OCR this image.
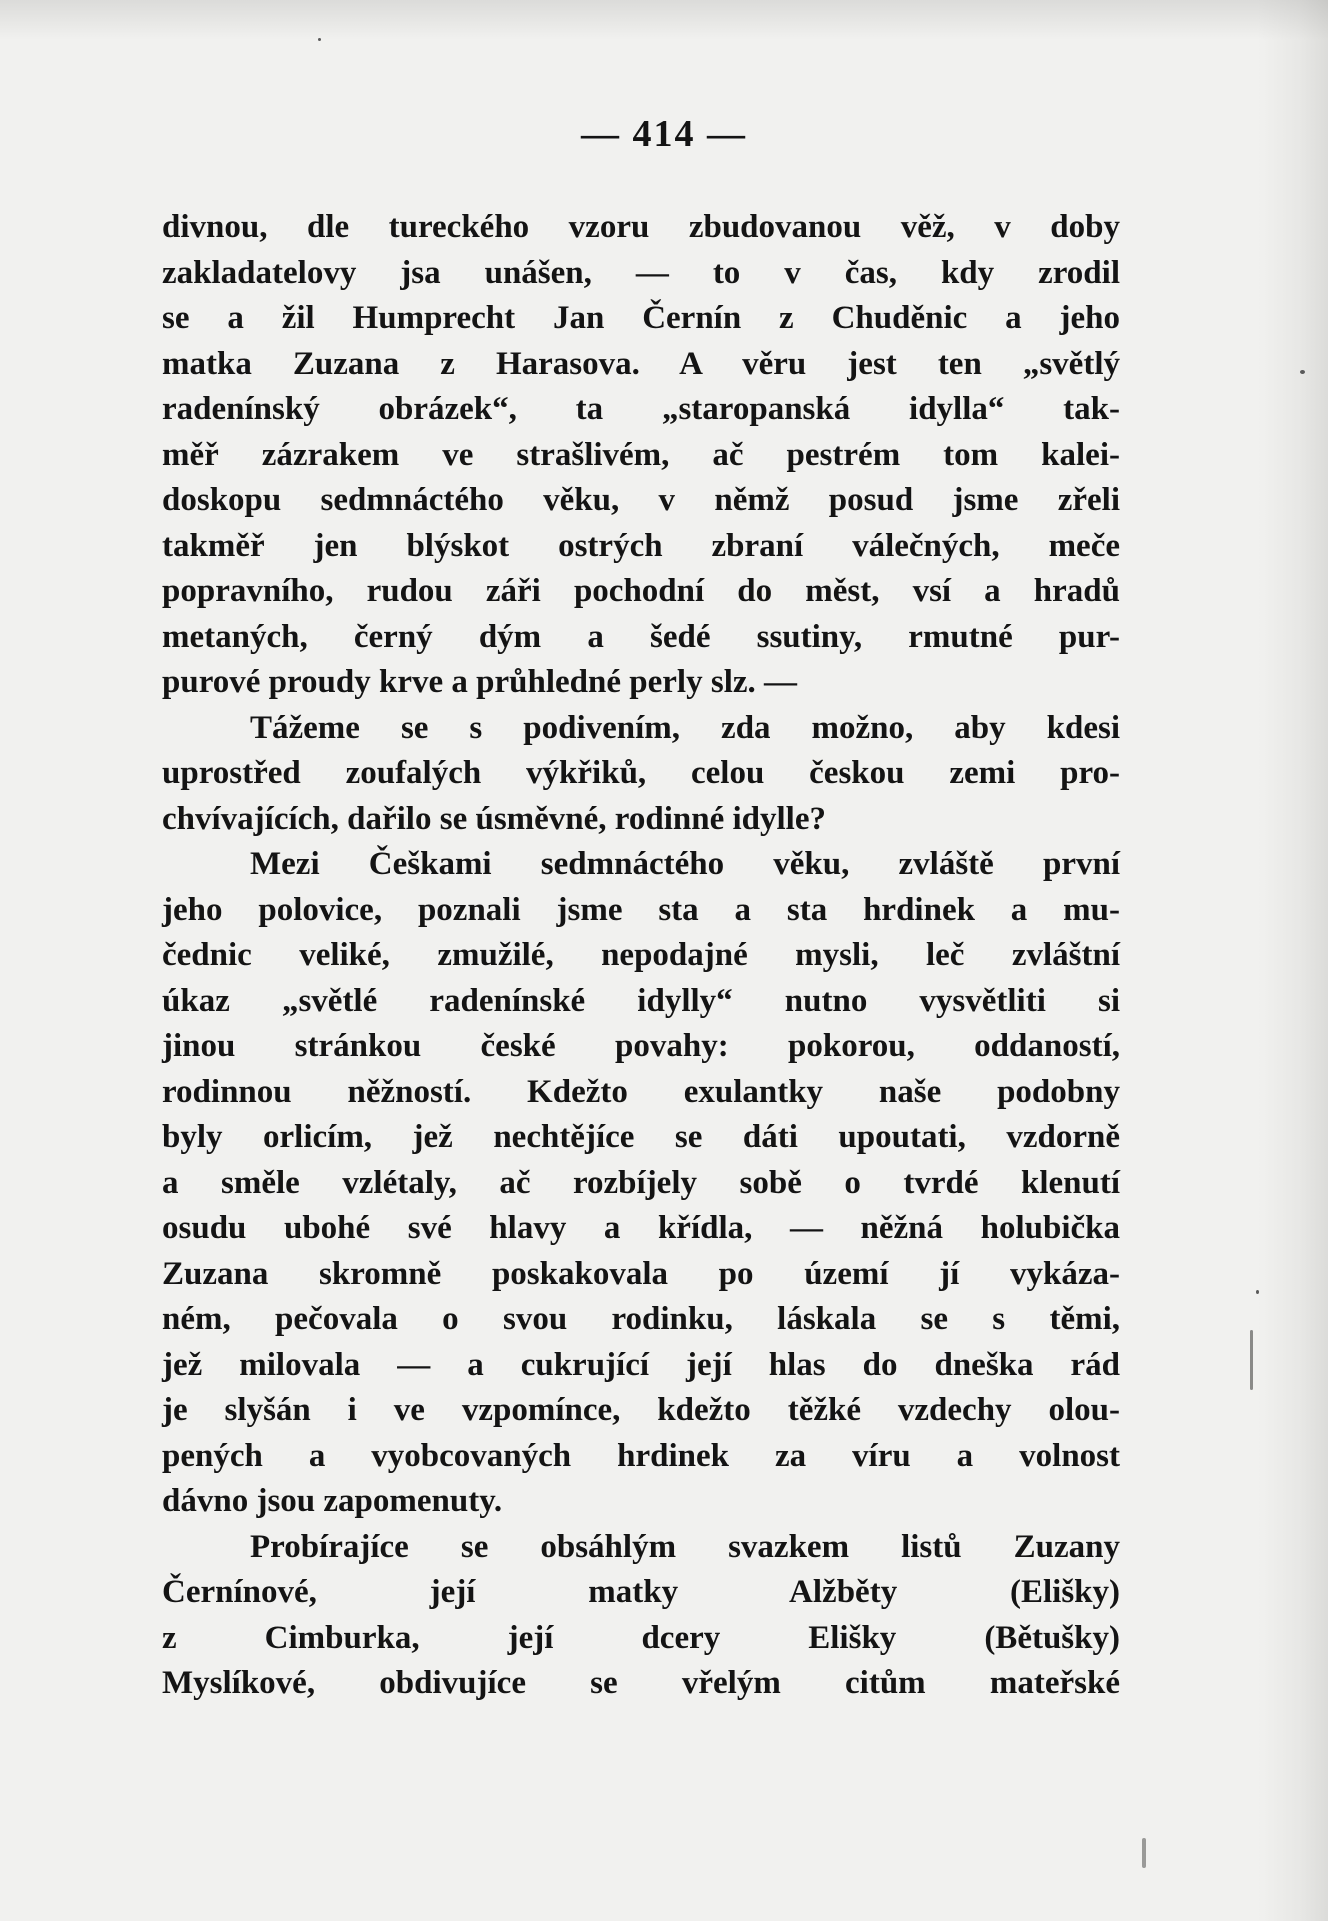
— 414 —
divnou, dle tureckého vzoru zbudovanou věž, v doby
zakladatelovy jsa unášen, — to v čas, kdy zrodil
se a žil Humprecht Jan Černín z Chuděnic a jeho
matka Zuzana z Harasova. A věru jest ten „světlý
radenínský obrázek“, ta „staropanská idylla“ tak-
měř zázrakem ve strašlivém, ač pestrém tom kalei-
doskopu sedmnáctého věku, v němž posud jsme zřeli
takměř jen blýskot ostrých zbraní válečných, meče
popravního, rudou záři pochodní do měst, vsí a hradů
metaných, černý dým a šedé ssutiny, rmutné pur-
purové proudy krve a průhledné perly slz. —
Tážeme se s podivením, zda možno, aby kdesi
uprostřed zoufalých výkřiků, celou českou zemi pro-
chvívajících, dařilo se úsměvné, rodinné idylle?
Mezi Češkami sedmnáctého věku, zvláště první
jeho polovice, poznali jsme sta a sta hrdinek a mu-
čednic veliké, zmužilé, nepodajné mysli, leč zvláštní
úkaz „světlé radenínské idylly“ nutno vysvětliti si
jinou stránkou české povahy: pokorou, oddaností,
rodinnou něžností. Kdežto exulantky naše podobny
byly orlicím, jež nechtějíce se dáti upoutati, vzdorně
a směle vzlétaly, ač rozbíjely sobě o tvrdé klenutí
osudu ubohé své hlavy a křídla, — něžná holubička
Zuzana skromně poskakovala po území jí vykáza-
ném, pečovala o svou rodinku, láskala se s těmi,
jež milovala — a cukrující její hlas do dneška rád
je slyšán i ve vzpomínce, kdežto těžké vzdechy olou-
pených a vyobcovaných hrdinek za víru a volnost
dávno jsou zapomenuty.
Probírajíce se obsáhlým svazkem listů Zuzany
Černínové, její matky Alžběty (Elišky)
z Cimburka, její dcery Elišky (Bětušky)
Myslíkové, obdivujíce se vřelým citům mateřské
